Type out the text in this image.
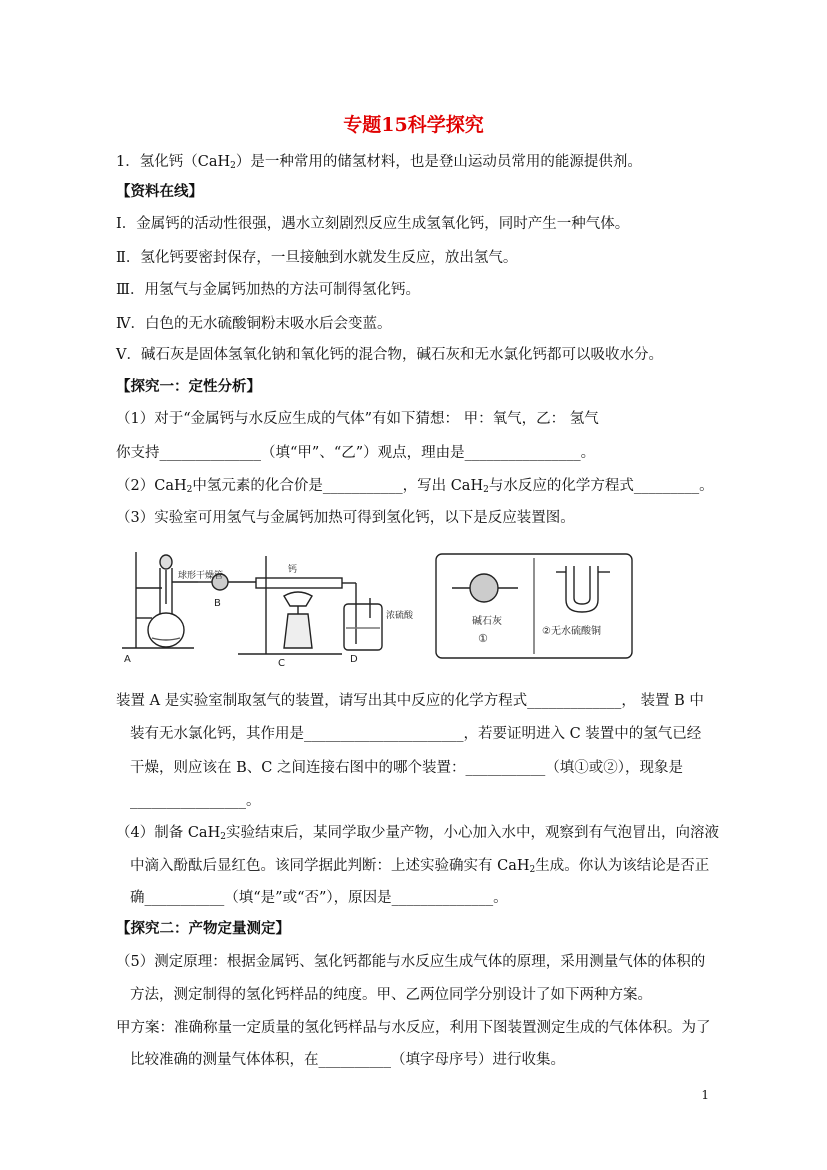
专题15科学探究
1．氢化钙（CaH$_2$）是一种常用的储氢材料，也是登山运动员常用的能源提供剂。
【资料在线】
Ⅰ．金属钙的活动性很强，遇水立刻剧烈反应生成氢氧化钙，同时产生一种气体。
Ⅱ．氢化钙要密封保存，一旦接触到水就发生反应，放出氢气。
Ⅲ．用氢气与金属钙加热的方法可制得氢化钙。
Ⅳ．白色的无水硫酸铜粉末吸水后会变蓝。
Ⅴ．碱石灰是固体氢氧化钠和氧化钙的混合物，碱石灰和无水氯化钙都可以吸收水分。
【探究一：定性分析】
（1）对于“金属钙与水反应生成的气体”有如下猜想： 甲：氧气，乙： 氢气
你支持______________（填“甲”、“乙”）观点，理由是________________。
（2）CaH$_2$中氢元素的化合价是___________，写出 CaH$_2$与水反应的化学方程式_________。
（3）实验室可用氢气与金属钙加热可得到氢化钙，以下是反应装置图。
球形干燥管
钙
浓硫酸
A
B
C	D
碱石灰
①
②无水硫酸铜
装置 A 是实验室制取氢气的装置，请写出其中反应的化学方程式_____________， 装置 B 中
装有无水氯化钙，其作用是______________________，若要证明进入 C 装置中的氢气已经
干燥，则应该在 B、C 之间连接右图中的哪个装置：___________（填①或②），现象是
________________。
（4）制备 CaH$_2$实验结束后，某同学取少量产物，小心加入水中，观察到有气泡冒出，向溶液
中滴入酚酞后显红色。该同学据此判断：上述实验确实有 CaH$_2$生成。你认为该结论是否正
确___________（填“是”或“否”），原因是______________。
【探究二：产物定量测定】
（5）测定原理：根据金属钙、氢化钙都能与水反应生成气体的原理，采用测量气体的体积的
方法，测定制得的氢化钙样品的纯度。甲、乙两位同学分别设计了如下两种方案。
甲方案：准确称量一定质量的氢化钙样品与水反应，利用下图装置测定生成的气体体积。为了
比较准确的测量气体体积，在__________（填字母序号）进行收集。
1
